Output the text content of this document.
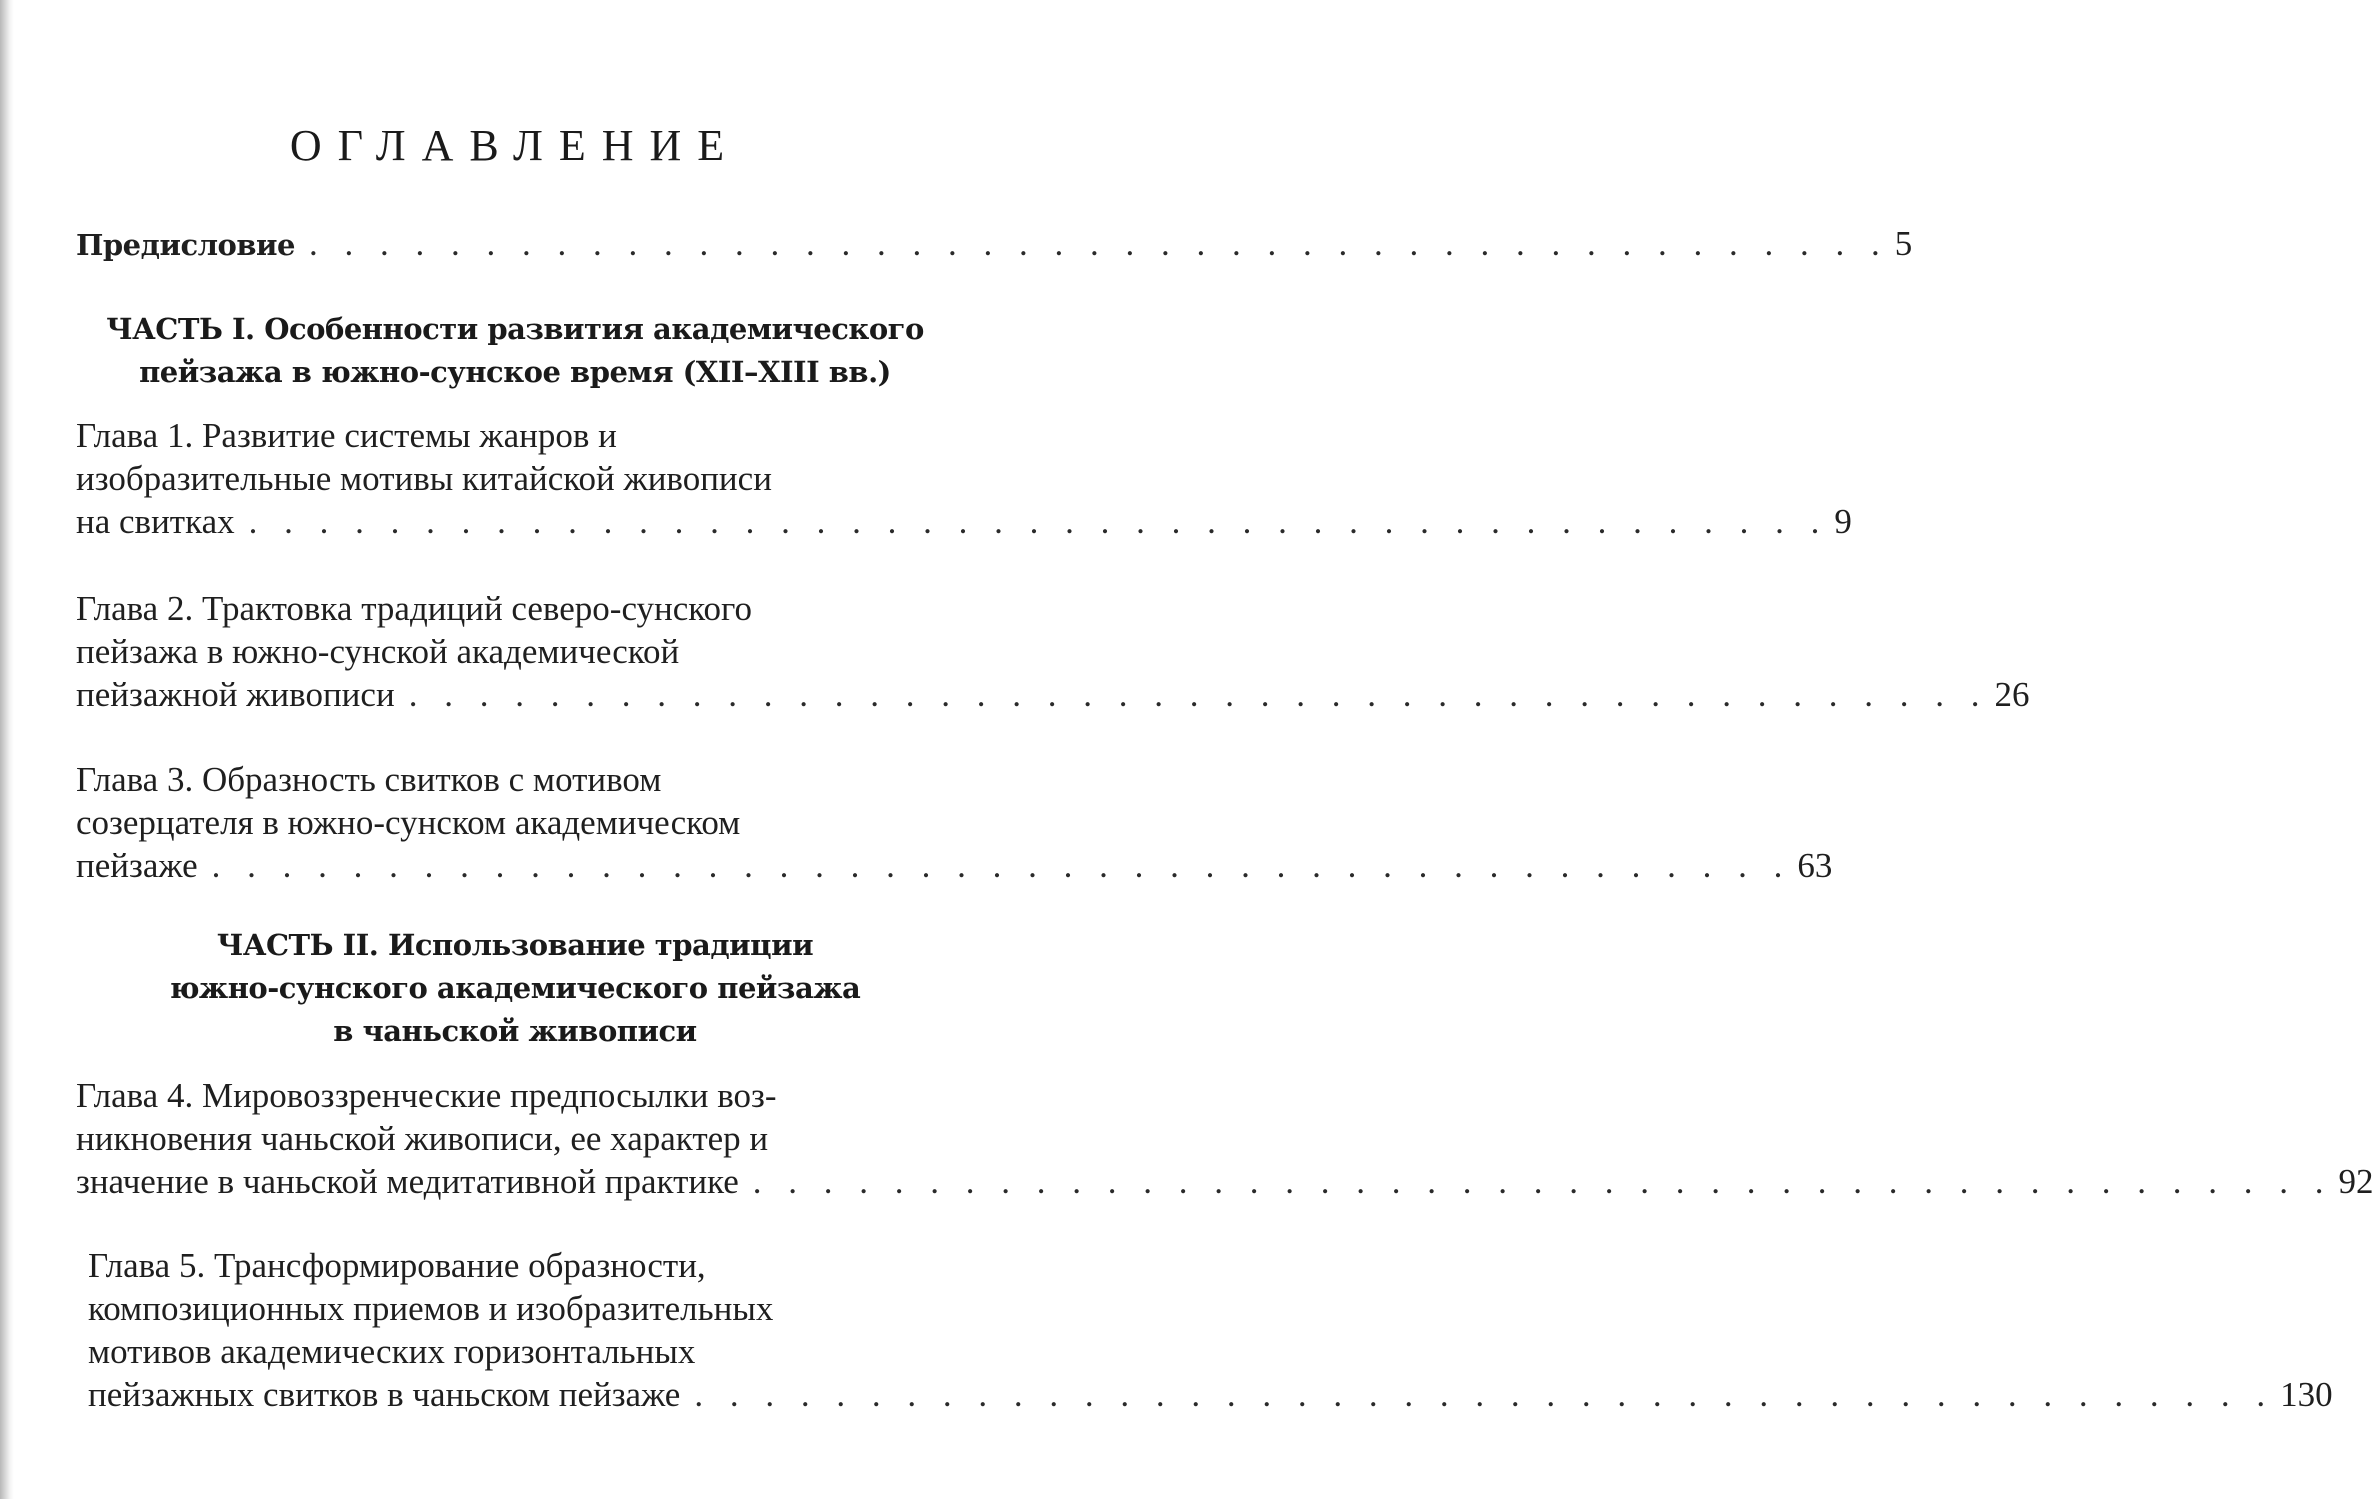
ОГЛАВЛЕНИЕ
Предисловие . . . . . . . . . . . . . . . . . . . . . . . . . . . . . . . . . . . . . . . . . . . . . 5
ЧАСТЬ I. Особенности развития академического
пейзажа в южно-сунское время (XII–XIII вв.)
Глава 1. Развитие системы жанров и
изобразительные мотивы китайской живописи
на свитках . . . . . . . . . . . . . . . . . . . . . . . . . . . . . . . . . . . . . . . . . . . . . 9
Глава 2. Трактовка традиций северо-сунского
пейзажа в южно-сунской академической
пейзажной живописи . . . . . . . . . . . . . . . . . . . . . . . . . . . . . . . . . . . . . . . . . . . . . 26
Глава 3. Образность свитков с мотивом
созерцателя в южно-сунском академическом
пейзаже . . . . . . . . . . . . . . . . . . . . . . . . . . . . . . . . . . . . . . . . . . . . . 63
ЧАСТЬ II. Использование традиции
южно-сунского академического пейзажа
в чаньской живописи
Глава 4. Мировоззренческие предпосылки воз-
никновения чаньской живописи, ее характер и
значение в чаньской медитативной практике . . . . . . . . . . . . . . . . . . . . . . . . . . . . . . . . . . . . . . . . . . . . . 92
Глава 5. Трансформирование образности,
композиционных приемов и изобразительных
мотивов академических горизонтальных
пейзажных свитков в чаньском пейзаже . . . . . . . . . . . . . . . . . . . . . . . . . . . . . . . . . . . . . . . . . . . . . 130
